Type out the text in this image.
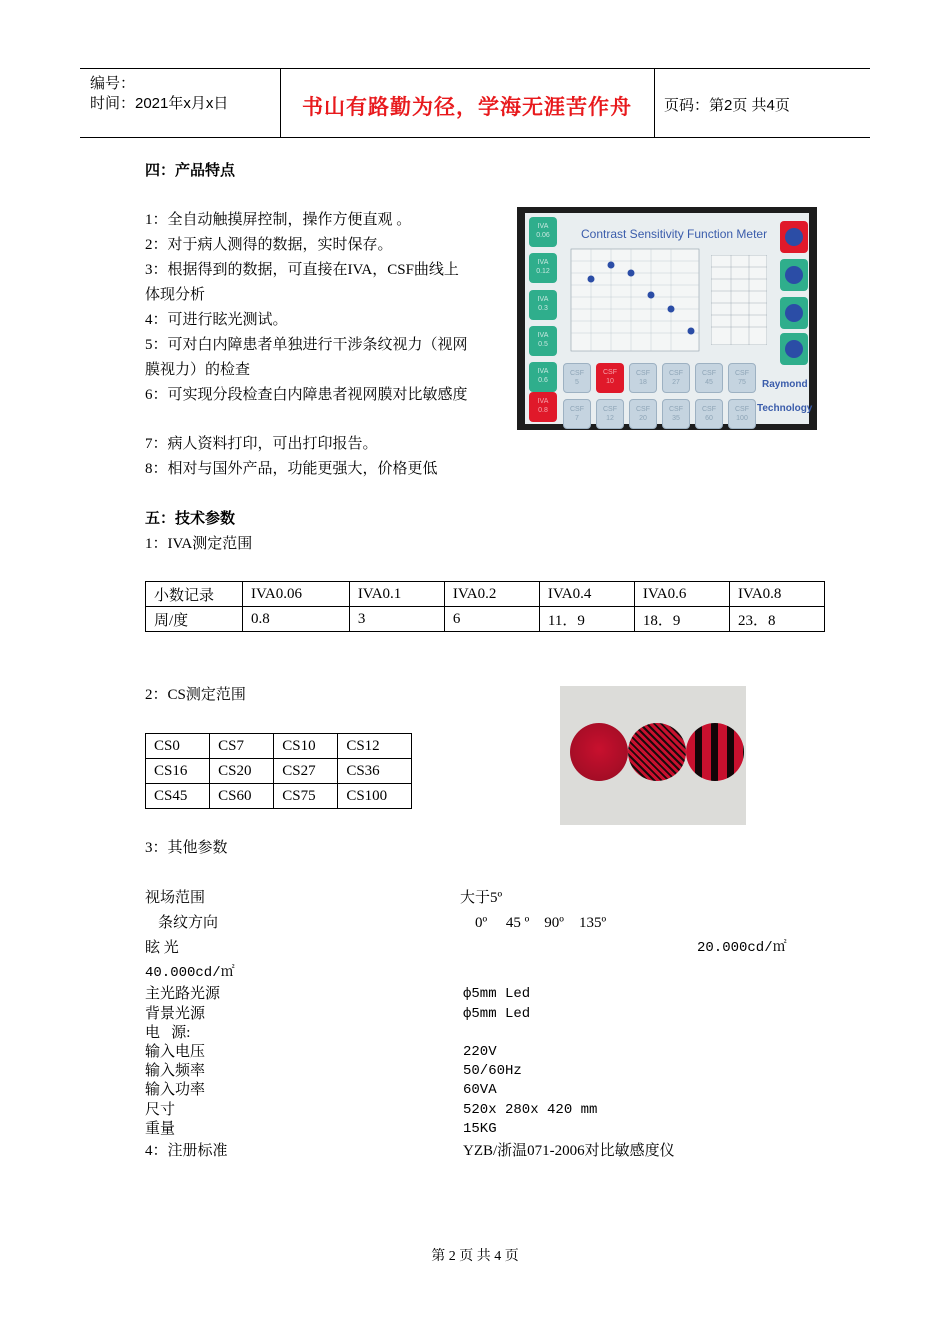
编号：
时间：2021年x月x日	书山有路勤为径，学海无涯苦作舟	页码：第2页 共4页
四：产品特点
1：全自动触摸屏控制，操作方便直观 。
2：对于病人测得的数据，实时保存。
3：根据得到的数据，可直接在IVA，CSF曲线上
体现分析
4：可进行眩光测试。
5：可对白内障患者单独进行干涉条纹视力（视网
膜视力）的检查
6：可实现分段检查白内障患者视网膜对比敏感度
7：病人资料打印，可出打印报告。
8：相对与国外产品，功能更强大，价格更低
Contrast Sensitivity Function Meter
IVA
0.06
IVA
0.12
IVA
0.3
IVA
0.5
IVA
0.6
IVA
0.8
CSF
5
CSF
10
CSF
18
CSF
27
CSF
45
CSF
75
CSF
7
CSF
12
CSF
20
CSF
35
CSF
60
CSF
100
Raymond
Technology
五：技术参数
1：IVA测定范围
小数记录	IVA0.06	IVA0.1	IVA0.2	IVA0.4	IVA0.6	IVA0.8
周/度	0.8	3	6	11．9	18．9	23．8
2：CS测定范围
CS0	CS7	CS10	CS12
CS16	CS20	CS27	CS36
CS45	CS60	CS75	CS100
3：其他参数
视场范围	大于5º
条纹方向	0º     45 º    90º    135º
眩 光	20.000cd/㎡
40.000cd/㎡
主光路光源	ф5mm Led
背景光源	ф5mm Led
电   源:
输入电压	220V
输入频率	50/60Hz
输入功率	60VA
尺寸	520x 280x 420 mm
重量	15KG
4：注册标准	YZB/浙温071-2006对比敏感度仪
第 2 页 共 4 页
